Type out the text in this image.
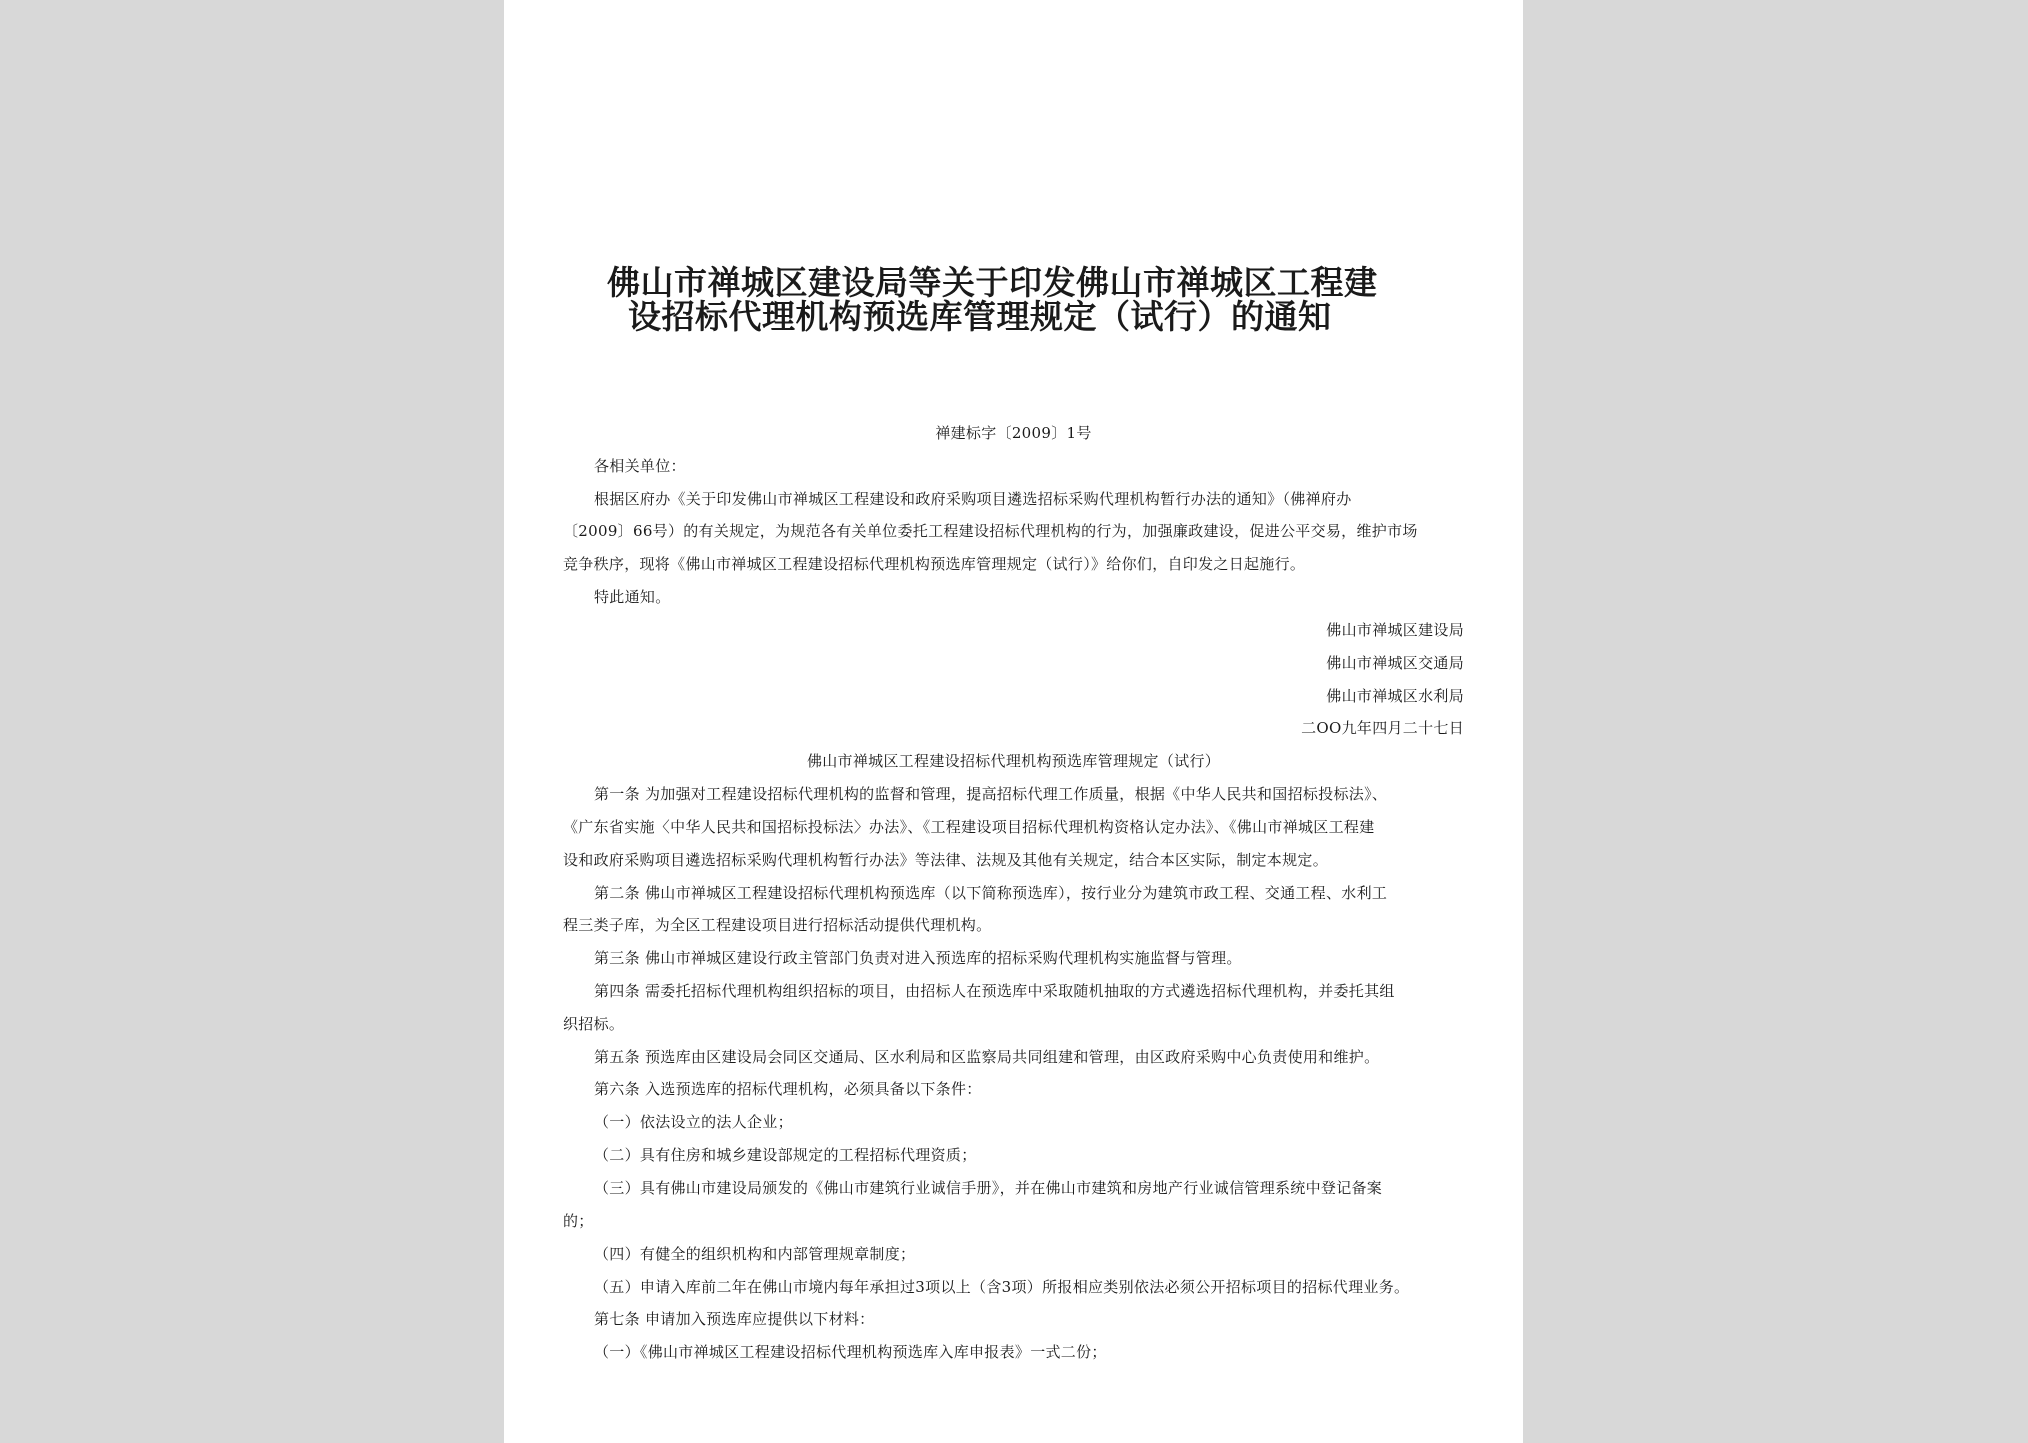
佛山市禅城区建设局等关于印发佛山市禅城区工程建
设招标代理机构预选库管理规定（试行）的通知
禅建标字〔2009〕1号
各相关单位：
根据区府办《关于印发佛山市禅城区工程建设和政府采购项目遴选招标采购代理机构暂行办法的通知》（佛禅府办
〔2009〕66号）的有关规定，为规范各有关单位委托工程建设招标代理机构的行为，加强廉政建设，促进公平交易，维护市场
竞争秩序，现将《佛山市禅城区工程建设招标代理机构预选库管理规定（试行）》给你们，自印发之日起施行。
特此通知。
佛山市禅城区建设局
佛山市禅城区交通局
佛山市禅城区水利局
二OO九年四月二十七日
佛山市禅城区工程建设招标代理机构预选库管理规定（试行）
第一条 为加强对工程建设招标代理机构的监督和管理，提高招标代理工作质量，根据《中华人民共和国招标投标法》、
《广东省实施〈中华人民共和国招标投标法〉办法》、《工程建设项目招标代理机构资格认定办法》、《佛山市禅城区工程建
设和政府采购项目遴选招标采购代理机构暂行办法》等法律、法规及其他有关规定，结合本区实际，制定本规定。
第二条 佛山市禅城区工程建设招标代理机构预选库（以下简称预选库），按行业分为建筑市政工程、交通工程、水利工
程三类子库，为全区工程建设项目进行招标活动提供代理机构。
第三条 佛山市禅城区建设行政主管部门负责对进入预选库的招标采购代理机构实施监督与管理。
第四条 需委托招标代理机构组织招标的项目，由招标人在预选库中采取随机抽取的方式遴选招标代理机构，并委托其组
织招标。
第五条 预选库由区建设局会同区交通局、区水利局和区监察局共同组建和管理，由区政府采购中心负责使用和维护。
第六条 入选预选库的招标代理机构，必须具备以下条件：
（一）依法设立的法人企业；
（二）具有住房和城乡建设部规定的工程招标代理资质；
（三）具有佛山市建设局颁发的《佛山市建筑行业诚信手册》，并在佛山市建筑和房地产行业诚信管理系统中登记备案
的；
（四）有健全的组织机构和内部管理规章制度；
（五）申请入库前二年在佛山市境内每年承担过3项以上（含3项）所报相应类别依法必须公开招标项目的招标代理业务。
第七条 申请加入预选库应提供以下材料：
（一）《佛山市禅城区工程建设招标代理机构预选库入库申报表》一式二份；
